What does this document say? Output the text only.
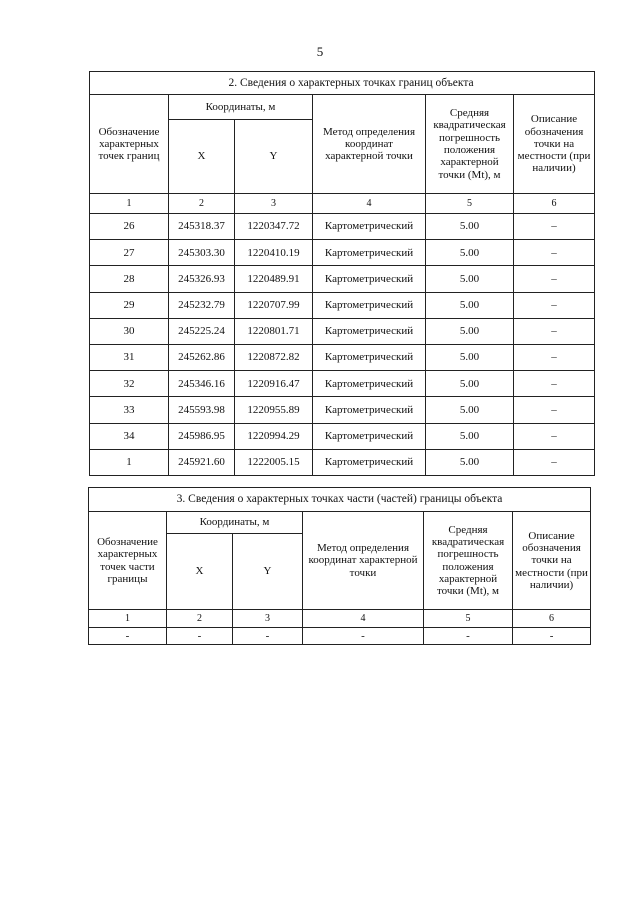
5
2. Сведения о характерных точках границ объекта					
Обозначение характерных точек границ	Координаты, м		Метод определения координат характерной точки	Средняя квадратическая погрешность положения характерной точки (Mt), м	Описание обозначения точки на местности (при наличии)
	X	Y			
1	2	3	4	5	6
26	245318.37	1220347.72	Картометрический	5.00	–
27	245303.30	1220410.19	Картометрический	5.00	–
28	245326.93	1220489.91	Картометрический	5.00	–
29	245232.79	1220707.99	Картометрический	5.00	–
30	245225.24	1220801.71	Картометрический	5.00	–
31	245262.86	1220872.82	Картометрический	5.00	–
32	245346.16	1220916.47	Картометрический	5.00	–
33	245593.98	1220955.89	Картометрический	5.00	–
34	245986.95	1220994.29	Картометрический	5.00	–
1	245921.60	1222005.15	Картометрический	5.00	–
3. Сведения о характерных точках части (частей) границы объекта					
Обозначение характерных точек части границы	Координаты, м		Метод определения координат характерной точки	Средняя квадратическая погрешность положения характерной точки (Mt), м	Описание обозначения точки на местности (при наличии)
	X	Y			
1	2	3	4	5	6
-	-	-	-	-	-
